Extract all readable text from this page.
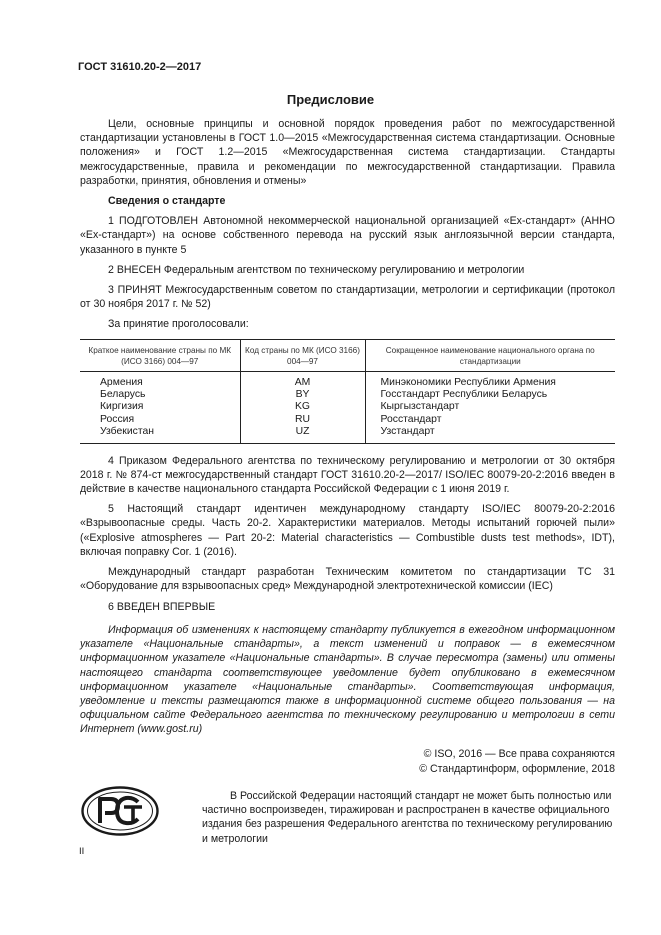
ГОСТ 31610.20-2—2017
Предисловие

Цели, основные принципы и основной порядок проведения работ по межгосударственной стандартизации установлены в ГОСТ 1.0—2015 «Межгосударственная система стандартизации. Основные положения» и ГОСТ 1.2—2015 «Межгосударственная система стандартизации. Стандарты межгосударственные, правила и рекомендации по межгосударственной стандартизации. Правила разработки, принятия, обновления и отмены»

Сведения о стандарте

1 ПОДГОТОВЛЕН Автономной некоммерческой национальной организацией «Ех-стандарт» (АННО «Ех-стандарт») на основе собственного перевода на русский язык англоязычной версии стандарта, указанного в пункте 5

2 ВНЕСЕН Федеральным агентством по техническому регулированию и метрологии

3 ПРИНЯТ Межгосударственным советом по стандартизации, метрологии и сертификации (протокол от 30 ноября 2017 г. № 52)

За принятие проголосовали:

Краткое наименование страны по МК (ИСО 3166) 004—97	Код страны по МК (ИСО 3166) 004—97	Сокращенное наименование национального органа по стандартизации
Армения	AM	Минэкономики Республики Армения
Беларусь	BY	Госстандарт Республики Беларусь
Киргизия	KG	Кыргызстандарт
Россия	RU	Росстандарт
Узбекистан	UZ	Узстандарт

4 Приказом Федерального агентства по техническому регулированию и метрологии от 30 октября 2018 г. № 874-ст межгосударственный стандарт ГОСТ 31610.20-2—2017/ ISO/IEC 80079-20-2:2016 введен в действие в качестве национального стандарта Российской Федерации с 1 июня 2019 г.

5 Настоящий стандарт идентичен международному стандарту ISO/IEC 80079-20-2:2016 «Взрывоопасные среды. Часть 20-2. Характеристики материалов. Методы испытаний горючей пыли» («Explosive atmospheres — Part 20-2: Material characteristics — Combustible dusts test methods», IDT), включая поправку Cor. 1 (2016).

Международный стандарт разработан Техническим комитетом по стандартизации ТС 31 «Оборудование для взрывоопасных сред» Международной электротехнической комиссии (IEC)

6 ВВЕДЕН ВПЕРВЫЕ

Информация об изменениях к настоящему стандарту публикуется в ежегодном информационном указателе «Национальные стандарты», а текст изменений и поправок — в ежемесячном информационном указателе «Национальные стандарты». В случае пересмотра (замены) или отмены настоящего стандарта соответствующее уведомление будет опубликовано в ежемесячном информационном указателе «Национальные стандарты». Соответствующая информация, уведомление и тексты размещаются также в информационной системе общего пользования — на официальном сайте Федерального агентства по техническому регулированию и метрологии в сети Интернет (www.gost.ru)

© ISO, 2016 — Все права сохраняются
© Стандартинформ, оформление, 2018

В Российской Федерации настоящий стандарт не может быть полностью или частично воспроизведен, тиражирован и распространен в качестве официального издания без разрешения Федерального агентства по техническому регулированию и метрологии

II
